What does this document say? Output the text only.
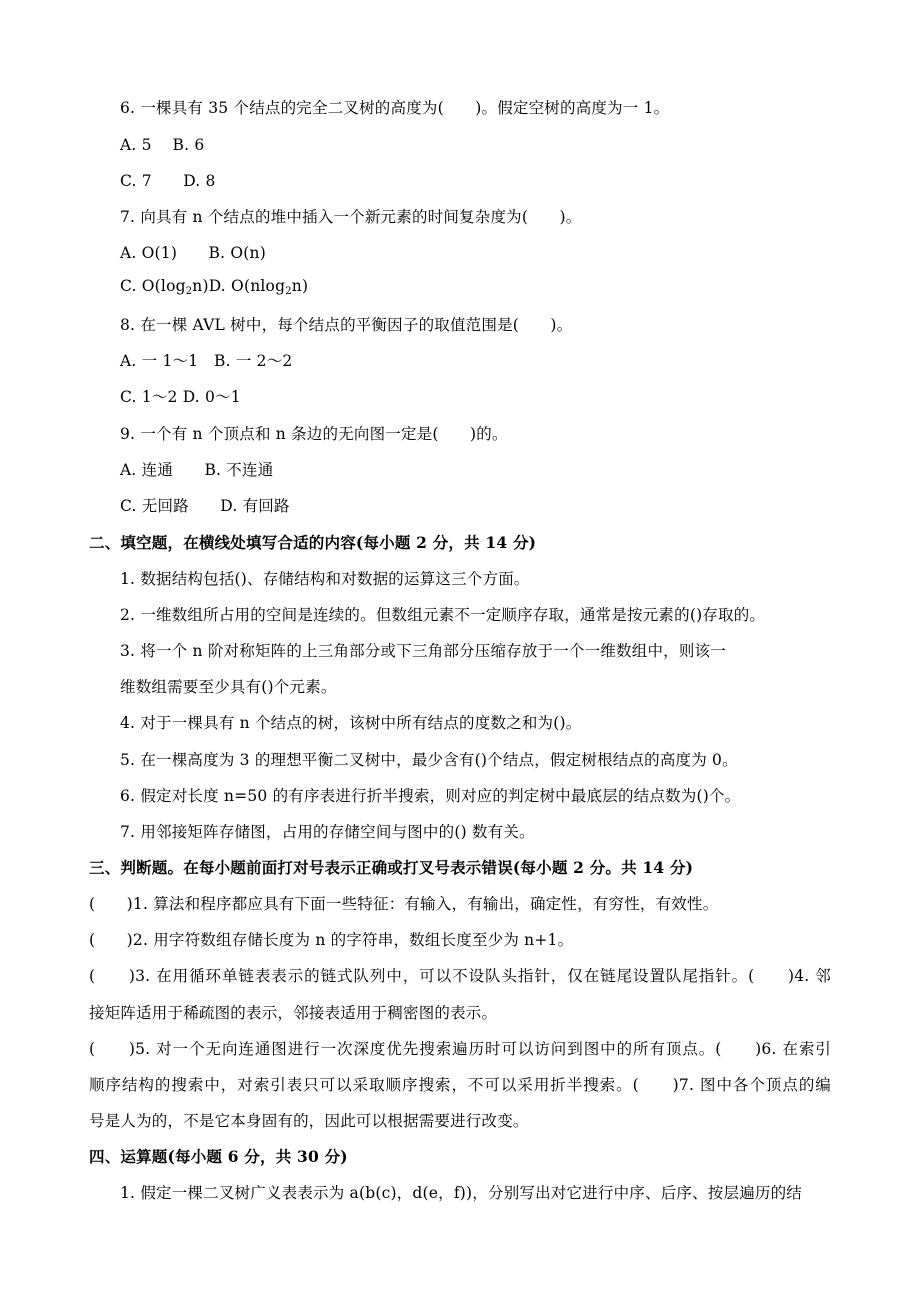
6. 一棵具有 35 个结点的完全二叉树的高度为(　　)。假定空树的高度为一 1。
A. 5　 B. 6
C. 7　　D. 8
7. 向具有 n 个结点的堆中插入一个新元素的时间复杂度为(　　)。
A. O(1)　　B. O(n)
C. O(log2n)D. O(nlog2n)
8. 在一棵 AVL 树中，每个结点的平衡因子的取值范围是(　　)。
A. 一 1～1　B. 一 2～2
C. 1～2 D. 0～1
9. 一个有 n 个顶点和 n 条边的无向图一定是(　　)的。
A. 连通　　B. 不连通
C. 无回路　　D. 有回路
二、填空题，在横线处填写合适的内容(每小题 2 分，共 14 分)
1. 数据结构包括()、存储结构和对数据的运算这三个方面。
2. 一维数组所占用的空间是连续的。但数组元素不一定顺序存取，通常是按元素的()存取的。
3. 将一个 n 阶对称矩阵的上三角部分或下三角部分压缩存放于一个一维数组中，则该一
维数组需要至少具有()个元素。
4. 对于一棵具有 n 个结点的树，该树中所有结点的度数之和为()。
5. 在一棵高度为 3 的理想平衡二叉树中，最少含有()个结点，假定树根结点的高度为 0。
6. 假定对长度 n=50 的有序表进行折半搜索，则对应的判定树中最底层的结点数为()个。
7. 用邻接矩阵存储图，占用的存储空间与图中的() 数有关。
三、判断题。在每小题前面打对号表示正确或打叉号表示错误(每小题 2 分。共 14 分)
(　　)1. 算法和程序都应具有下面一些特征：有输入，有输出，确定性，有穷性，有效性。
(　　)2. 用字符数组存储长度为 n 的字符串，数组长度至少为 n+1。
(　　)3. 在用循环单链表表示的链式队列中，可以不设队头指针，仅在链尾设置队尾指针。(　　)4. 邻
接矩阵适用于稀疏图的表示，邻接表适用于稠密图的表示。
(　　)5. 对一个无向连通图进行一次深度优先搜索遍历时可以访问到图中的所有顶点。(　　)6. 在索引
顺序结构的搜索中，对索引表只可以采取顺序搜索，不可以采用折半搜索。(　　)7. 图中各个顶点的编
号是人为的，不是它本身固有的，因此可以根据需要进行改变。
四、运算题(每小题 6 分，共 30 分)
1. 假定一棵二叉树广义表表示为 a(b(c)，d(e，f))，分别写出对它进行中序、后序、按层遍历的结
